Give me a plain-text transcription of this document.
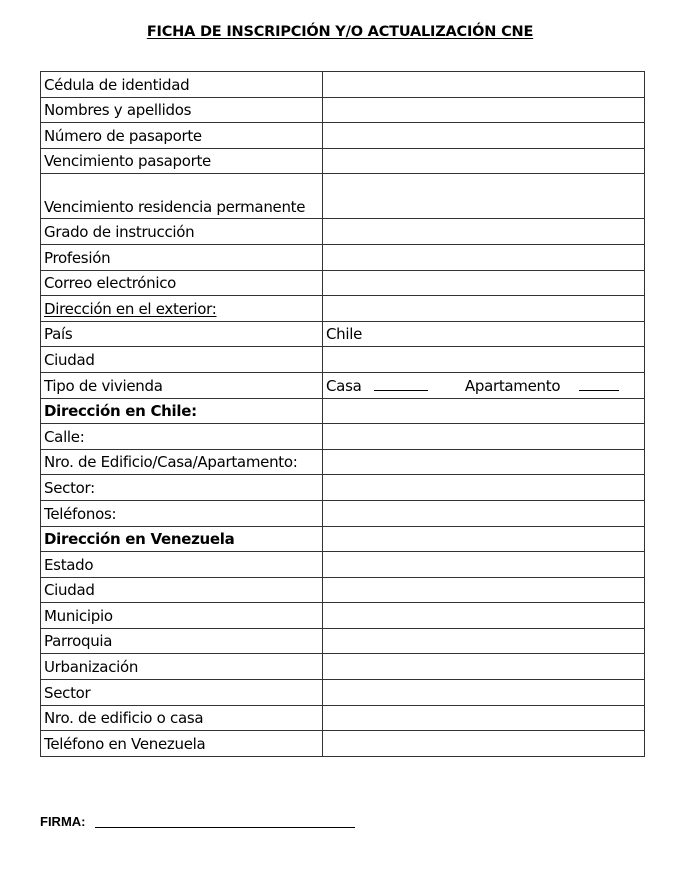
FICHA DE INSCRIPCIÓN Y/O ACTUALIZACIÓN CNE
Cédula de identidad	
Nombres y apellidos	
Número de pasaporte	
Vencimiento pasaporte	
Vencimiento residencia permanente	
Grado de instrucción	
Profesión	
Correo electrónico	
Dirección en el exterior:	
País	Chile
Ciudad	
Tipo de vivienda	Casa Apartamento
Dirección en Chile:	
Calle:	
Nro. de Edificio/Casa/Apartamento:	
Sector:	
Teléfonos:	
Dirección en Venezuela	
Estado	
Ciudad	
Municipio	
Parroquia	
Urbanización	
Sector	
Nro. de edificio o casa	
Teléfono en Venezuela	
FIRMA:
